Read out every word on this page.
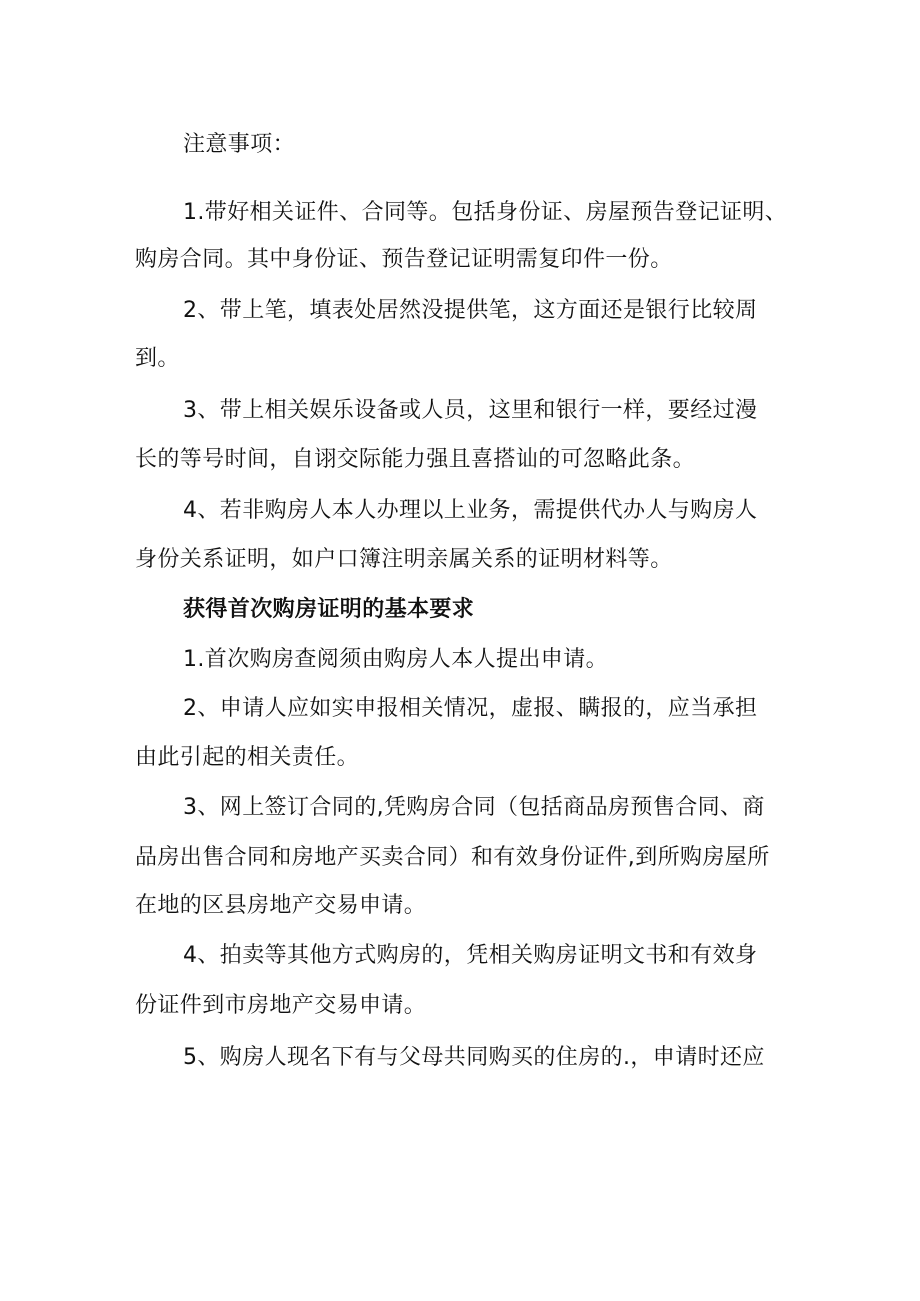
注意事项：
1.带好相关证件、合同等。包括身份证、房屋预告登记证明、
购房合同。其中身份证、预告登记证明需复印件一份。
2、带上笔，填表处居然没提供笔，这方面还是银行比较周
到。
3、带上相关娱乐设备或人员，这里和银行一样，要经过漫
长的等号时间，自诩交际能力强且喜搭讪的可忽略此条。
4、若非购房人本人办理以上业务，需提供代办人与购房人
身份关系证明，如户口簿注明亲属关系的证明材料等。
获得首次购房证明的基本要求
1.首次购房查阅须由购房人本人提出申请。
2、申请人应如实申报相关情况，虚报、瞒报的，应当承担
由此引起的相关责任。
3、网上签订合同的,凭购房合同（包括商品房预售合同、商
品房出售合同和房地产买卖合同）和有效身份证件,到所购房屋所
在地的区县房地产交易申请。
4、拍卖等其他方式购房的，凭相关购房证明文书和有效身
份证件到市房地产交易申请。
5、购房人现名下有与父母共同购买的住房的.，申请时还应
